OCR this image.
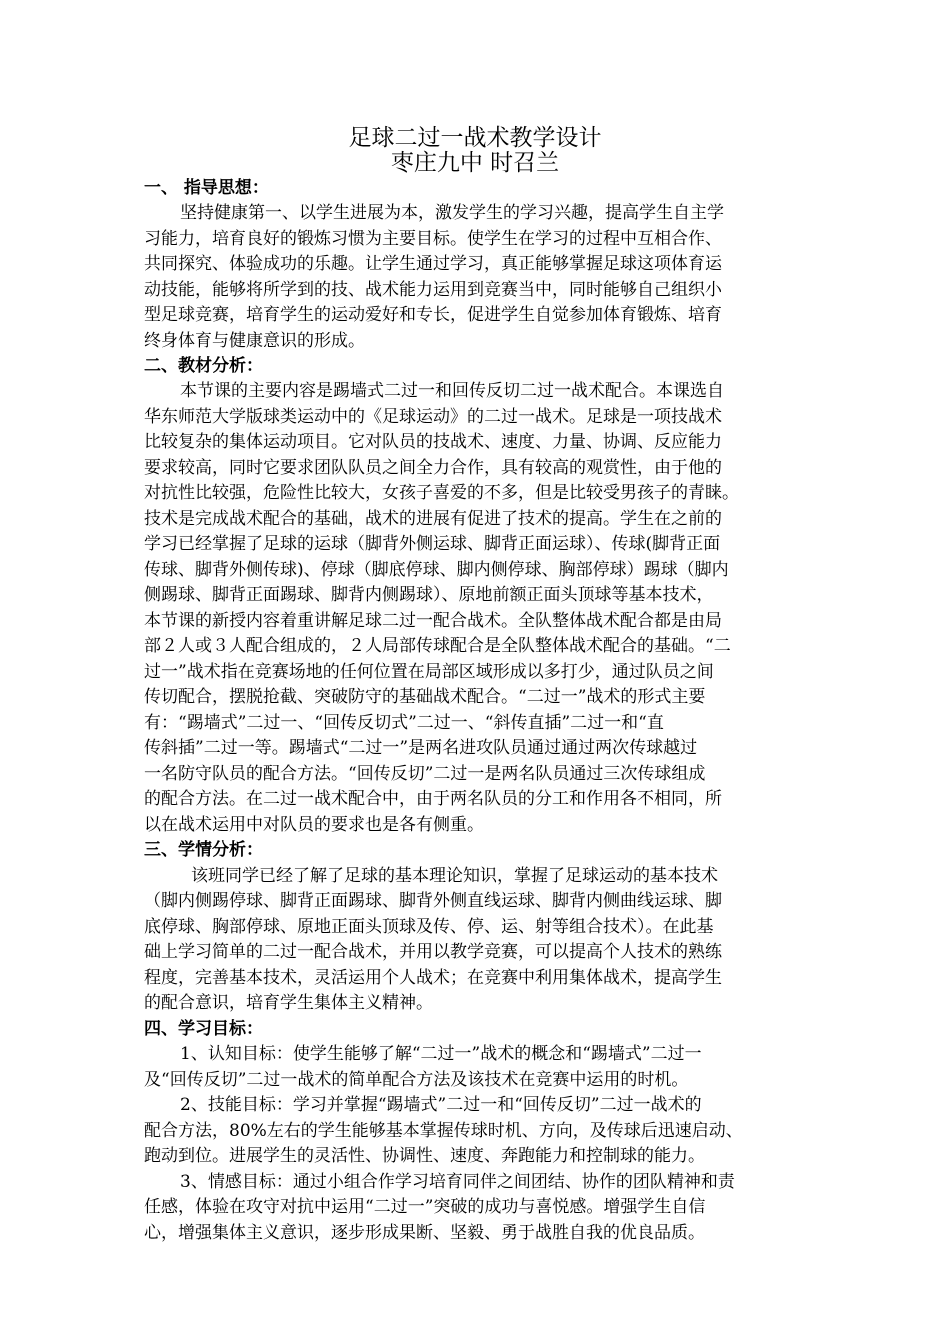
足球二过一战术教学设计
枣庄九中 时召兰
一、 指导思想：
坚持健康第一、以学生进展为本，激发学生的学习兴趣，提高学生自主学
习能力，培育良好的锻炼习惯为主要目标。使学生在学习的过程中互相合作、
共同探究、体验成功的乐趣。让学生通过学习，真正能够掌握足球这项体育运
动技能，能够将所学到的技、战术能力运用到竞赛当中，同时能够自己组织小
型足球竞赛，培育学生的运动爱好和专长，促进学生自觉参加体育锻炼、培育
终身体育与健康意识的形成。
二、教材分析：
本节课的主要内容是踢墙式二过一和回传反切二过一战术配合。本课选自
华东师范大学版球类运动中的《足球运动》的二过一战术。足球是一项技战术
比较复杂的集体运动项目。它对队员的技战术、速度、力量、协调、反应能力
要求较高，同时它要求团队队员之间全力合作，具有较高的观赏性，由于他的
对抗性比较强，危险性比较大，女孩子喜爱的不多，但是比较受男孩子的青睐。
技术是完成战术配合的基础，战术的进展有促进了技术的提高。学生在之前的
学习已经掌握了足球的运球（脚背外侧运球、脚背正面运球）、传球(脚背正面
传球、脚背外侧传球)、停球（脚底停球、脚内侧停球、胸部停球）踢球（脚内
侧踢球、脚背正面踢球、脚背内侧踢球）、原地前额正面头顶球等基本技术，
本节课的新授内容着重讲解足球二过一配合战术。全队整体战术配合都是由局
部２人或３人配合组成的，２人局部传球配合是全队整体战术配合的基础。“二
过一”战术指在竞赛场地的任何位置在局部区域形成以多打少，通过队员之间
传切配合，摆脱抢截、突破防守的基础战术配合。“二过一”战术的形式主要
有：“踢墙式”二过一、“回传反切式”二过一、“斜传直插”二过一和“直
传斜插”二过一等。踢墙式“二过一”是两名进攻队员通过通过两次传球越过
一名防守队员的配合方法。“回传反切”二过一是两名队员通过三次传球组成
的配合方法。在二过一战术配合中，由于两名队员的分工和作用各不相同，所
以在战术运用中对队员的要求也是各有侧重。
三、学情分析：
该班同学已经了解了足球的基本理论知识，掌握了足球运动的基本技术
（脚内侧踢停球、脚背正面踢球、脚背外侧直线运球、脚背内侧曲线运球、脚
底停球、胸部停球、原地正面头顶球及传、停、运、射等组合技术）。在此基
础上学习简单的二过一配合战术，并用以教学竞赛，可以提高个人技术的熟练
程度，完善基本技术，灵活运用个人战术；在竞赛中利用集体战术，提高学生
的配合意识，培育学生集体主义精神。
四、学习目标：
1、认知目标：使学生能够了解“二过一”战术的概念和“踢墙式”二过一
及“回传反切”二过一战术的简单配合方法及该技术在竞赛中运用的时机。
2、技能目标：学习并掌握“踢墙式”二过一和“回传反切”二过一战术的
配合方法，80%左右的学生能够基本掌握传球时机、方向，及传球后迅速启动、
跑动到位。进展学生的灵活性、协调性、速度、奔跑能力和控制球的能力。
3、情感目标：通过小组合作学习培育同伴之间团结、协作的团队精神和责
任感，体验在攻守对抗中运用“二过一”突破的成功与喜悦感。增强学生自信
心，增强集体主义意识，逐步形成果断、坚毅、勇于战胜自我的优良品质。
